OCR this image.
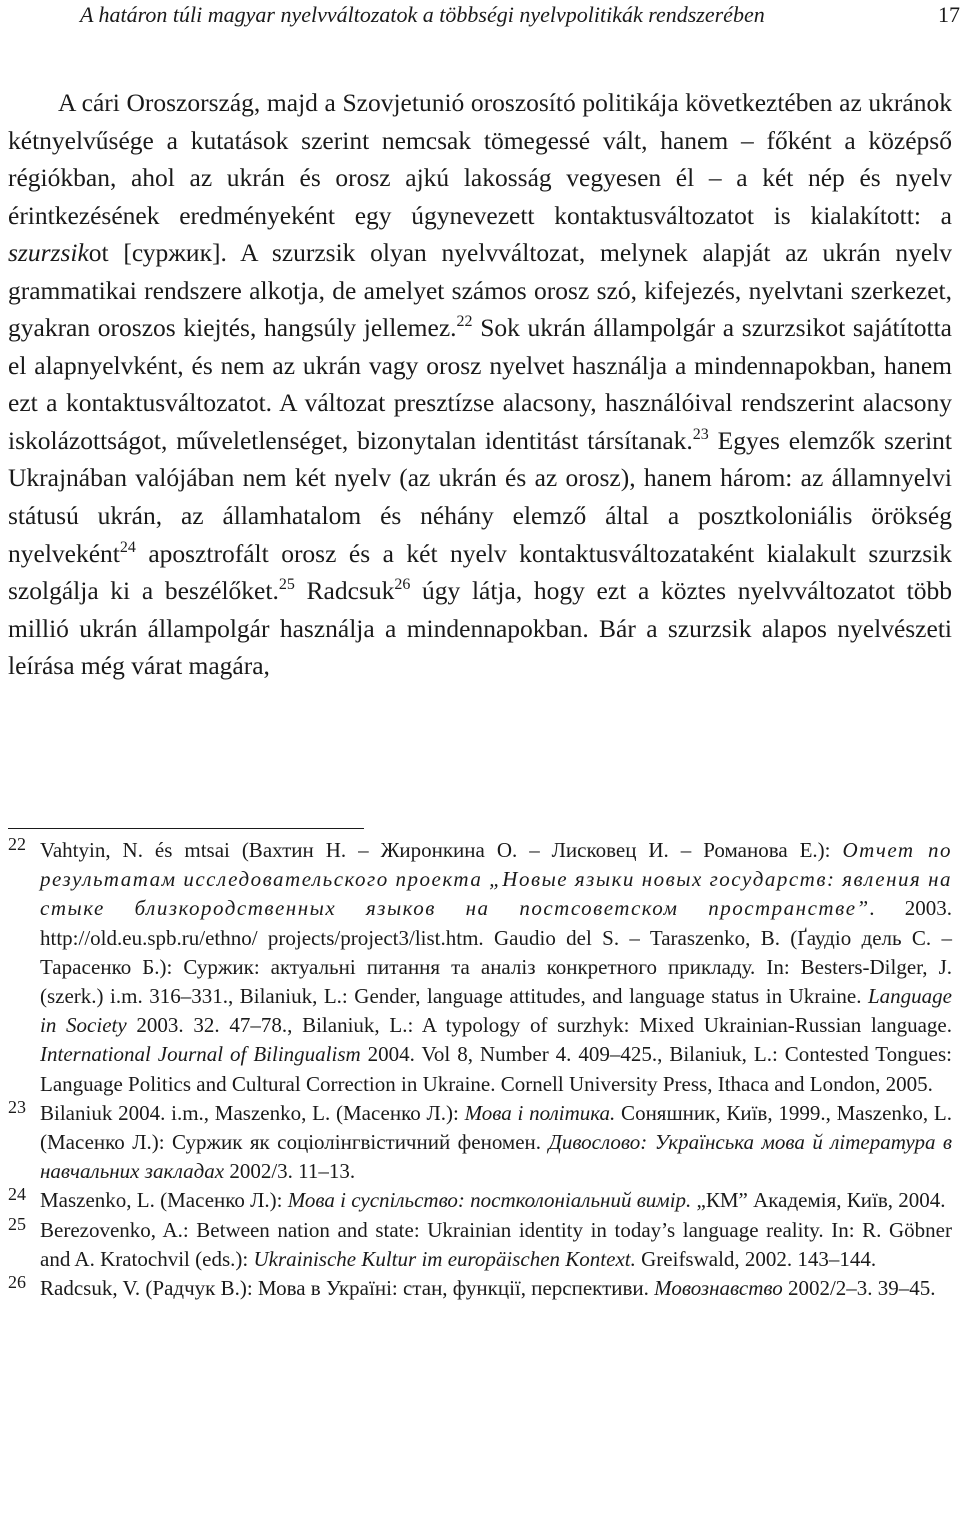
A határon túli magyar nyelvváltozatok a többségi nyelvpolitikák rendszerében	17

A cári Oroszország, majd a Szovjetunió oroszosító politikája következtében az ukránok kétnyelvűsége a kutatások szerint nemcsak tömegessé vált, hanem – főként a középső régiókban, ahol az ukrán és orosz ajkú lakosság vegyesen él – a két nép és nyelv érintkezésének eredményeként egy úgynevezett kontaktusváltozatot is kialakított: a szurzsikot [суржик]. A szurzsik olyan nyelvváltozat, melynek alapját az ukrán nyelv grammatikai rendszere alkotja, de amelyet számos orosz szó, kifejezés, nyelvtani szerkezet, gyakran oroszos kiejtés, hangsúly jellemez.$^{22}$ Sok ukrán állampolgár a szurzsikot sajátította el alapnyelvként, és nem az ukrán vagy orosz nyelvet használja a mindennapokban, hanem ezt a kontaktusváltozatot. A változat presztízse alacsony, használóival rendszerint alacsony iskolázottságot, műveletlenséget, bizonytalan identitást társítanak.$^{23}$ Egyes elemzők szerint Ukrajnában valójában nem két nyelv (az ukrán és az orosz), hanem három: az államnyelvi státusú ukrán, az államhatalom és néhány elemző által a posztkoloniális örökség nyelveként$^{24}$ aposztrofált orosz és a két nyelv kontaktusváltozataként kialakult szurzsik szolgálja ki a beszélőket.$^{25}$ Radcsuk$^{26}$ úgy látja, hogy ezt a köztes nyelvváltozatot több millió ukrán állampolgár használja a mindennapokban. Bár a szurzsik alapos nyelvészeti leírása még várat magára,

22 Vahtyin, N. és mtsai (Вахтин Н. – Жиронкина О. – Лисковец И. – Романова Е.): Отчет по результатам исследовательского проекта „Новые языки новых государств: явления на стыке близкородственных языков на постсоветском пространстве”. 2003. http://old.eu.spb.ru/ethno/ projects/project3/list.htm. Gaudio del S. – Taraszenko, B. (Ґаудіо дель С. – Тарасенко Б.): Суржик: актуальні питання та аналіз конкретного прикладу. In: Besters-Dilger, J. (szerk.) i.m. 316–331., Bilaniuk, L.: Gender, language attitudes, and language status in Ukraine. Language in Society 2003. 32. 47–78., Bilaniuk, L.: A typology of surzhyk: Mixed Ukrainian-Russian language. International Journal of Bilingualism 2004. Vol 8, Number 4. 409–425., Bilaniuk, L.: Contested Tongues: Language Politics and Cultural Correction in Ukraine. Cornell University Press, Ithaca and London, 2005.
23 Bilaniuk 2004. i.m., Maszenko, L. (Масенко Л.): Мова і політика. Соняшник, Київ, 1999., Maszenko, L. (Масенко Л.): Суржик як соціолінгвістичний феномен. Дивослово: Українська мова й література в навчальних закладах 2002/3. 11–13.
24 Maszenko, L. (Масенко Л.): Мова і суспільство: постколоніальний вимір. „КМ” Академія, Київ, 2004.
25 Berezovenko, A.: Between nation and state: Ukrainian identity in today’s language reality. In: R. Göbner and A. Kratochvil (eds.): Ukrainische Kultur im europäischen Kontext. Greifswald, 2002. 143–144.
26 Radcsuk, V. (Радчук В.): Мова в Україні: стан, функції, перспективи. Мовознавство 2002/2–3. 39–45.
